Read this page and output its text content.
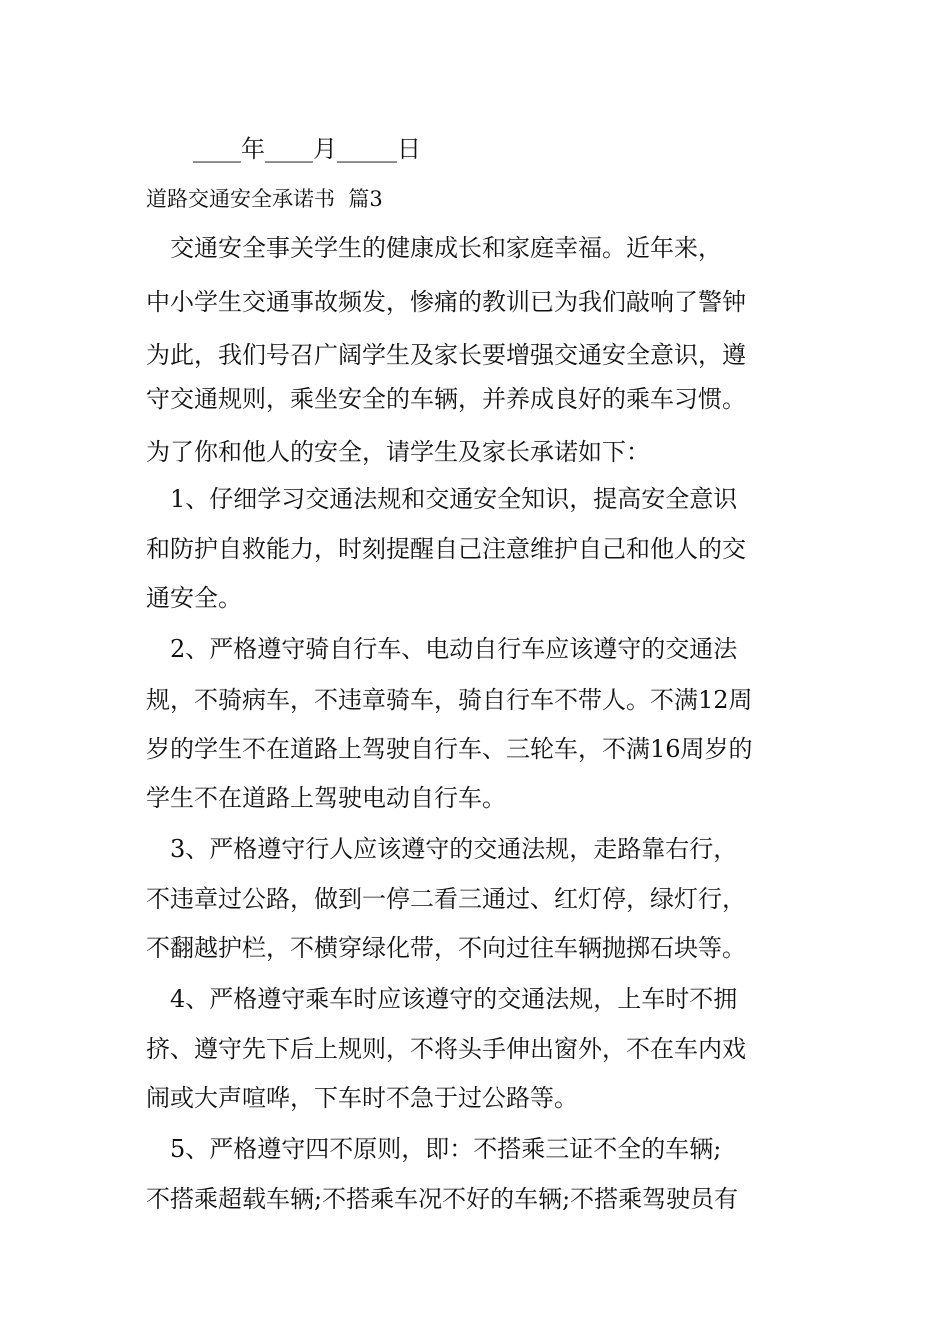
____年____月_____日
道路交通安全承诺书  篇3
　交通安全事关学生的健康成长和家庭幸福。近年来，
中小学生交通事故频发，惨痛的教训已为我们敲响了警钟
为此，我们号召广阔学生及家长要增强交通安全意识，遵
守交通规则，乘坐安全的车辆，并养成良好的乘车习惯。
为了你和他人的安全，请学生及家长承诺如下：
　1、仔细学习交通法规和交通安全知识，提高安全意识
和防护自救能力，时刻提醒自己注意维护自己和他人的交
通安全。
　2、严格遵守骑自行车、电动自行车应该遵守的交通法
规，不骑病车，不违章骑车，骑自行车不带人。不满12周
岁的学生不在道路上驾驶自行车、三轮车，不满16周岁的
学生不在道路上驾驶电动自行车。
　3、严格遵守行人应该遵守的交通法规，走路靠右行，
不违章过公路，做到一停二看三通过、红灯停，绿灯行，
不翻越护栏，不横穿绿化带，不向过往车辆抛掷石块等。
　4、严格遵守乘车时应该遵守的交通法规，上车时不拥
挤、遵守先下后上规则，不将头手伸出窗外，不在车内戏
闹或大声喧哗，下车时不急于过公路等。
　5、严格遵守四不原则，即：不搭乘三证不全的车辆;
不搭乘超载车辆;不搭乘车况不好的车辆;不搭乘驾驶员有
